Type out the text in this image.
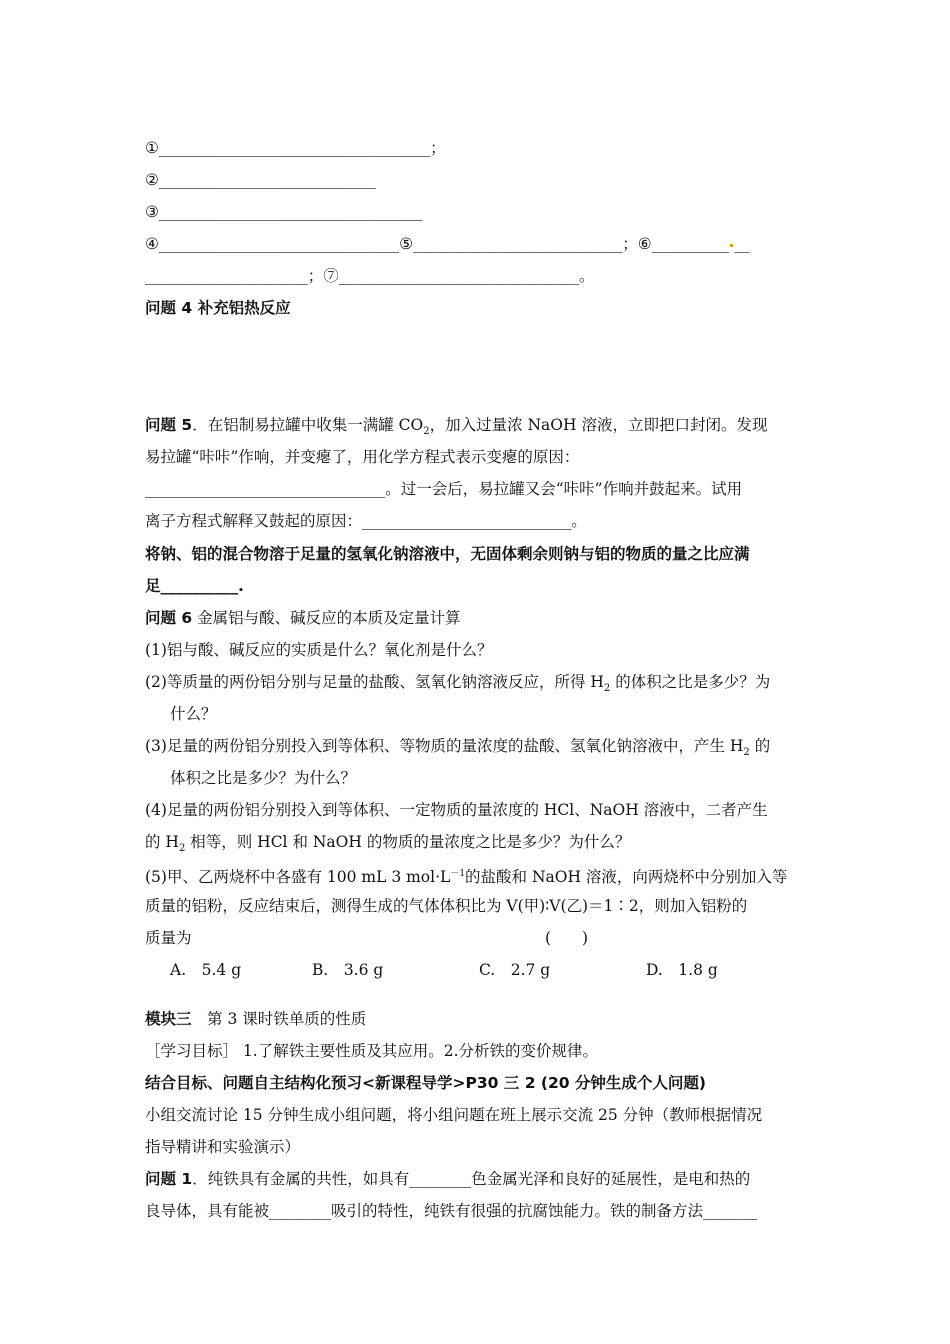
①___________________________________；
②____________________________
③__________________________________
④_______________________________⑤___________________________；⑥__________ __
_____________________；⑦_______________________________。
问题 4 补充铝热反应
问题 5．在铝制易拉罐中收集一满罐 $CO_2$，加入过量浓 NaOH 溶液，立即把口封闭。发现
易拉罐“咔咔”作响，并变瘪了，用化学方程式表示变瘪的原因：
_______________________________。过一会后，易拉罐又会“咔咔”作响并鼓起来。试用
离子方程式解释又鼓起的原因：___________________________。
将钠、铝的混合物溶于足量的氢氧化钠溶液中，无固体剩余则钠与铝的物质的量之比应满
足__________.
问题 6 金属铝与酸、碱反应的本质及定量计算
(1)铝与酸、碱反应的实质是什么？氧化剂是什么？
(2)等质量的两份铝分别与足量的盐酸、氢氧化钠溶液反应，所得 $H_2$ 的体积之比是多少？为
什么？
(3)足量的两份铝分别投入到等体积、等物质的量浓度的盐酸、氢氧化钠溶液中，产生 $H_2$ 的
体积之比是多少？为什么？
(4)足量的两份铝分别投入到等体积、一定物质的量浓度的 HCl、NaOH 溶液中，二者产生
的 $H_2$ 相等，则 HCl 和 NaOH 的物质的量浓度之比是多少？为什么？
(5)甲、乙两烧杯中各盛有 100 mL 3 $mol\cdot L^{-1}$的盐酸和 NaOH 溶液，向两烧杯中分别加入等
质量的铝粉，反应结束后，测得生成的气体体积比为 V(甲)∶V(乙)＝1∶2，则加入铝粉的
质量为	(　　)
A.　5.4 g	B.　3.6 g	C.　2.7 g	D.　1.8 g
模块三　第 3 课时铁单质的性质
［学习目标］ 1.了解铁主要性质及其应用。2.分析铁的变价规律。
结合目标、问题自主结构化预习<新课程导学>P30 三 2 (20 分钟生成个人问题)
小组交流讨论 15 分钟生成小组问题，将小组问题在班上展示交流 25 分钟（教师根据情况
指导精讲和实验演示）
问题 1．纯铁具有金属的共性，如具有________色金属光泽和良好的延展性，是电和热的
良导体，具有能被________吸引的特性，纯铁有很强的抗腐蚀能力。铁的制备方法_______
